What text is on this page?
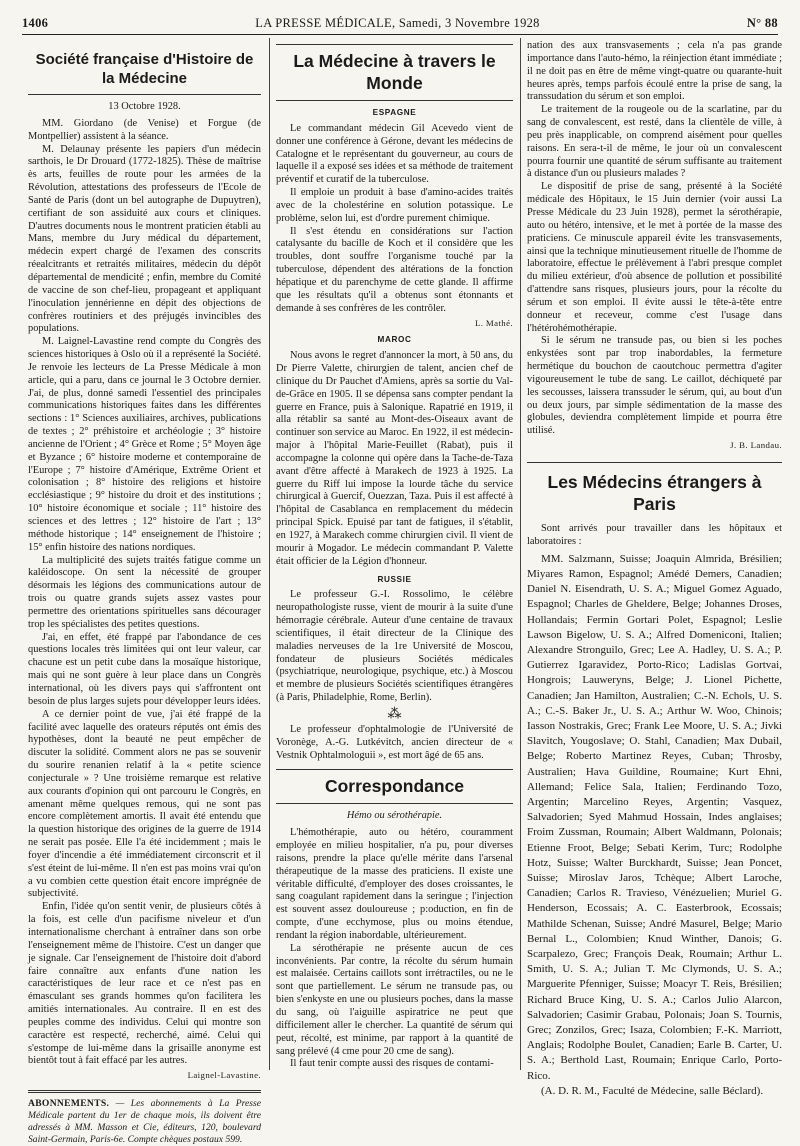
1406	LA PRESSE MÉDICALE, Samedi, 3 Novembre 1928	N° 88
Société française d'Histoire de la Médecine
13 Octobre 1928.

MM. Giordano (de Venise) et Forgue (de Montpellier) assistent à la séance.

M. Delaunay présente les papiers d'un médecin sarthois, le Dr Drouard (1772-1825). Thèse de maîtrise ès arts, feuilles de route pour les armées de la Révolution, attestations des professeurs de l'Ecole de Santé de Paris (dont un bel autographe de Dupuytren), certifiant de son assiduité aux cours et cliniques. D'autres documents nous le montrent praticien établi au Mans, membre du Jury médical du département, médecin expert chargé de l'examen des conscrits réealcitrants et retraités militaires, médecin du dépôt départemental de mendicité ; enfin, membre du Comité de vaccine de son chef-lieu, propageant et appliquant l'inoculation jennérienne en dépit des objections de confrères routiniers et des préjugés invincibles des populations.

M. Laignel-Lavastine rend compte du Congrès des sciences historiques à Oslo où il a représenté la Société. Je renvoie les lecteurs de La Presse Médicale à mon article, qui a paru, dans ce journal le 3 Octobre dernier. J'ai, de plus, donné samedi l'essentiel des principales communications historiques faites dans les différentes sections : 1° Sciences auxiliaires, archives, publications de textes ; 2° préhistoire et archéologie ; 3° histoire ancienne de l'Orient ; 4° Grèce et Rome ; 5° Moyen âge et Byzance ; 6° histoire moderne et contemporaine de l'Europe ; 7° histoire d'Amérique, Extrême Orient et colonisation ; 8° histoire des religions et histoire ecclésiastique ; 9° histoire du droit et des institutions ; 10° histoire économique et sociale ; 11° histoire des sciences et des lettres ; 12° histoire de l'art ; 13° méthode historique ; 14° enseignement de l'histoire ; 15° enfin histoire des nations nordiques.

La multiplicité des sujets traités fatigue comme un kaléidoscope. On sent la nécessité de grouper désormais les légions des communications autour de trois ou quatre grands sujets assez vastes pour permettre des orientations spirituelles sans décourager trop les spécialistes des petites questions.

J'ai, en effet, été frappé par l'abondance de ces questions locales très limitées qui ont leur valeur, car chacune est un petit cube dans la mosaïque historique, mais qui ne sont guère à leur place dans un Congrès international, où les divers pays qui s'affrontent ont besoin de plus larges sujets pour développer leurs idées.

A ce dernier point de vue, j'ai été frappé de la facilité avec laquelle des orateurs réputés ont émis des hypothèses, dont la beauté ne peut empêcher de discuter la solidité. Comment alors ne pas se souvenir du sourire renanien relatif à la « petite science conjecturale » ? Une troisième remarque est relative aux courants d'opinion qui ont parcouru le Congrès, en amenant même quelques remous, qui ne sont pas encore complètement amortis. Il avait été entendu que la question historique des origines de la guerre de 1914 ne serait pas posée. Elle l'a été incidemment ; mais le foyer d'incendie a été immédiatement circonscrit et il s'est éteint de lui-même. Il n'en est pas moins vrai qu'on a vu combien cette question était encore imprégnée de subjectivité.

Enfin, l'idée qu'on sentit venir, de plusieurs côtés à la fois, est celle d'un pacifisme niveleur et d'un internationalisme cherchant à entraîner dans son orbe l'enseignement même de l'histoire. C'est un danger que je signale. Car l'enseignement de l'histoire doit d'abord faire connaître aux enfants d'une nation les caractéristiques de leur race et ce n'est pas en émasculant ses grands hommes qu'on facilitera les amitiés internationales. Au contraire. Il en est des peuples comme des individus. Celui qui montre son caractère est respecté, recherché, aimé. Celui qui s'estompe de lui-même dans la grisaille anonyme est bientôt tout à fait effacé par les autres.

Laignel-Lavastine.

ABONNEMENTS. — Les abonnements à La Presse Médicale partent du 1er de chaque mois, ils doivent être adressés à MM. Masson et Cie, éditeurs, 120, boulevard Saint-Germain, Paris-6e. Compte chèques postaux 599.

La Médecine à travers le Monde
ESPAGNE

Le commandant médecin Gil Acevedo vient de donner une conférence à Gérone, devant les médecins de Catalogne et le représentant du gouverneur, au cours de laquelle il a exposé ses idées et sa méthode de traitement préventif et curatif de la tuberculose.

Il emploie un produit à base d'amino-acides traités avec de la cholestérine en solution potassique. Le problème, selon lui, est d'ordre purement chimique.

Il s'est étendu en considérations sur l'action catalysante du bacille de Koch et il considère que les troubles, dont souffre l'organisme touché par la tuberculose, dépendent des altérations de la fonction hépatique et du parenchyme de cette glande. Il affirme que les résultats qu'il a obtenus sont étonnants et demande à ses confrères de les contrôler.

L. Mathé.
MAROC

Nous avons le regret d'annoncer la mort, à 50 ans, du Dr Pierre Valette, chirurgien de talent, ancien chef de clinique du Dr Pauchet d'Amiens, après sa sortie du Val-de-Grâce en 1905. Il se dépensa sans compter pendant la guerre en France, puis à Salonique. Rapatrié en 1919, il alla rétablir sa santé au Mont-des-Oiseaux avant de continuer son service au Maroc. En 1922, il est médecin-major à l'hôpital Marie-Feuillet (Rabat), puis il accompagne la colonne qui opère dans la Tache-de-Taza avant d'être affecté à Marakech de 1923 à 1925. La guerre du Riff lui impose la lourde tâche du service chirurgical à Guercif, Ouezzan, Taza. Puis il est affecté à l'hôpital de Casablanca en remplacement du médecin principal Spick. Epuisé par tant de fatigues, il s'établit, en 1927, à Marakech comme chirurgien civil. Il vient de mourir à Mogador. Le médecin commandant P. Valette était officier de la Légion d'honneur.

RUSSIE

Le professeur G.-I. Rossolimo, le célèbre neuropathologiste russe, vient de mourir à la suite d'une hémorragie cérébrale. Auteur d'une centaine de travaux scientifiques, il était directeur de la Clinique des maladies nerveuses de la 1re Université de Moscou, fondateur de plusieurs Sociétés médicales (psychiatrique, neurologique, psychique, etc.) à Moscou et membre de plusieurs Sociétés scientifiques étrangères (à Paris, Philadelphie, Rome, Berlin).

⁂

Le professeur d'ophtalmologie de l'Université de Voronège, A.-G. Lutkévitch, ancien directeur de « Vestnik Ophtalmologuii », est mort âgé de 65 ans.

Correspondance
Hémo ou sérothérapie.

L'hémothérapie, auto ou hétéro, couramment employée en milieu hospitalier, n'a pu, pour diverses raisons, prendre la place qu'elle mérite dans l'arsenal thérapeutique de la masse des praticiens. Il existe une véritable difficulté, d'employer des doses croissantes, le sang coagulant rapidement dans la seringue ; l'injection est souvent assez douloureuse ; p:oduction, en fin de compte, d'une ecchymose, plus ou moins étendue, rendant la région inabordable, ultérieurement.

La sérothérapie ne présente aucun de ces inconvénients. Par contre, la récolte du sérum humain est malaisée. Certains caillots sont irrétractiles, ou ne le sont que partiellement. Le sérum ne transude pas, ou bien s'enkyste en une ou plusieurs poches, dans la masse du sang, où l'aiguille aspiratrice ne peut que difficilement aller le chercher. La quantité de sérum qui peut, récolté, est minime, par rapport à la quantité de sang prélevé (4 cme pour 20 cme de sang).

Il faut tenir compte aussi des risques de contami-

nation des aux transvasements ; cela n'a pas grande importance dans l'auto-hémo, la réinjection étant immédiate ; il ne doit pas en être de même vingt-quatre ou quarante-huit heures après, temps parfois écoulé entre la prise de sang, la transsudation du sérum et son emploi.

Le traitement de la rougeole ou de la scarlatine, par du sang de convalescent, est resté, dans la clientèle de ville, à peu près inapplicable, on comprend aisément pour quelles raisons. En sera-t-il de même, le jour où un convalescent pourra fournir une quantité de sérum suffisante au traitement à distance d'un ou plusieurs malades ?

Le dispositif de prise de sang, présenté à la Société médicale des Hôpitaux, le 15 Juin dernier (voir aussi La Presse Médicale du 23 Juin 1928), permet la sérothérapie, auto ou hétéro, intensive, et le met à portée de la masse des praticiens. Ce minuscule appareil évite les transvasements, ainsi que la technique minutieusement rituelle de l'homme de laboratoire, effectue le prélèvement à l'abri presque complet du milieu extérieur, d'où absence de pollution et possibilité d'attendre sans risques, plusieurs jours, pour la récolte du sérum et son emploi. Il évite aussi le tête-à-tête entre donneur et receveur, comme c'est l'usage dans l'hétérohémothérapie.

Si le sérum ne transude pas, ou bien si les poches enkystées sont par trop inabordables, la fermeture hermétique du bouchon de caoutchouc permettra d'agiter vigoureusement le tube de sang. Le caillot, déchiqueté par les secousses, laissera transsuder le sérum, qui, au bout d'un ou deux jours, par simple sédimentation de la masse des globules, deviendra complètement limpide et pourra être utilisé.

J. B. Landau.
Les Médecins étrangers à Paris

Sont arrivés pour travailler dans les hôpitaux et laboratoires :

MM. Salzmann, Suisse; Joaquin Almrida, Brésilien; Miyares Ramon, Espagnol; Amédé Demers, Canadien; Daniel N. Eisendrath, U. S. A.; Miguel Gomez Aguado, Espagnol; Charles de Gheldere, Belge; Johannes Droses, Hollandais; Fermin Gortari Polet, Espagnol; Leslie Lawson Bigelow, U. S. A.; Alfred Domeniconi, Italien; Alexandre Stronguilo, Grec; Lee A. Hadley, U. S. A.; P. Gutierrez Igaravidez, Porto-Rico; Ladislas Gortvai, Hongrois; Lauweryns, Belge; J. Lionel Pichette, Canadien; Jan Hamilton, Australien; C.-N. Echols, U. S. A.; C.-S. Baker Jr., U. S. A.; Arthur W. Woo, Chinois; Iasson Nostrakis, Grec; Frank Lee Moore, U. S. A.; Jivki Slavitch, Yougoslave; O. Stahl, Canadien; Max Dubail, Belge; Roberto Martinez Reyes, Cuban; Throsby, Australien; Hava Guildine, Roumaine; Kurt Ehni, Allemand; Felice Sala, Italien; Ferdinando Tozo, Argentin; Marcelino Reyes, Argentin; Vasquez, Salvadorien; Syed Mahmud Hossain, Indes anglaises; Froim Zussman, Roumain; Albert Waldmann, Polonais; Etienne Froot, Belge; Sebati Kerim, Turc; Rodolphe Hotz, Suisse; Walter Burckhardt, Suisse; Jean Poncet, Suisse; Miroslav Jaros, Tchèque; Albert Laroche, Canadien; Carlos R. Travieso, Vénézuelien; Muriel G. Henderson, Ecossais; A. C. Easterbrook, Ecossais; Mathilde Schenan, Suisse; André Masurel, Belge; Mario Bernal L., Colombien; Knud Winther, Danois; G. Scarpalezo, Grec; François Deak, Roumain; Arthur L. Smith, U. S. A.; Julian T. Mc Clymonds, U. S. A.; Marguerite Pfenniger, Suisse; Moacyr T. Reis, Brésilien; Richard Bruce King, U. S. A.; Carlos Julio Alarcon, Salvadorien; Casimir Grabau, Polonais; Joan S. Tournis, Grec; Zonzilos, Grec; Isaza, Colombien; F.-K. Marriott, Anglais; Rodolphe Boulet, Canadien; Earle B. Carter, U. S. A.; Berthold Last, Roumain; Enrique Carlo, Porto-Rico.

(A. D. R. M., Faculté de Médecine, salle Béclard).
